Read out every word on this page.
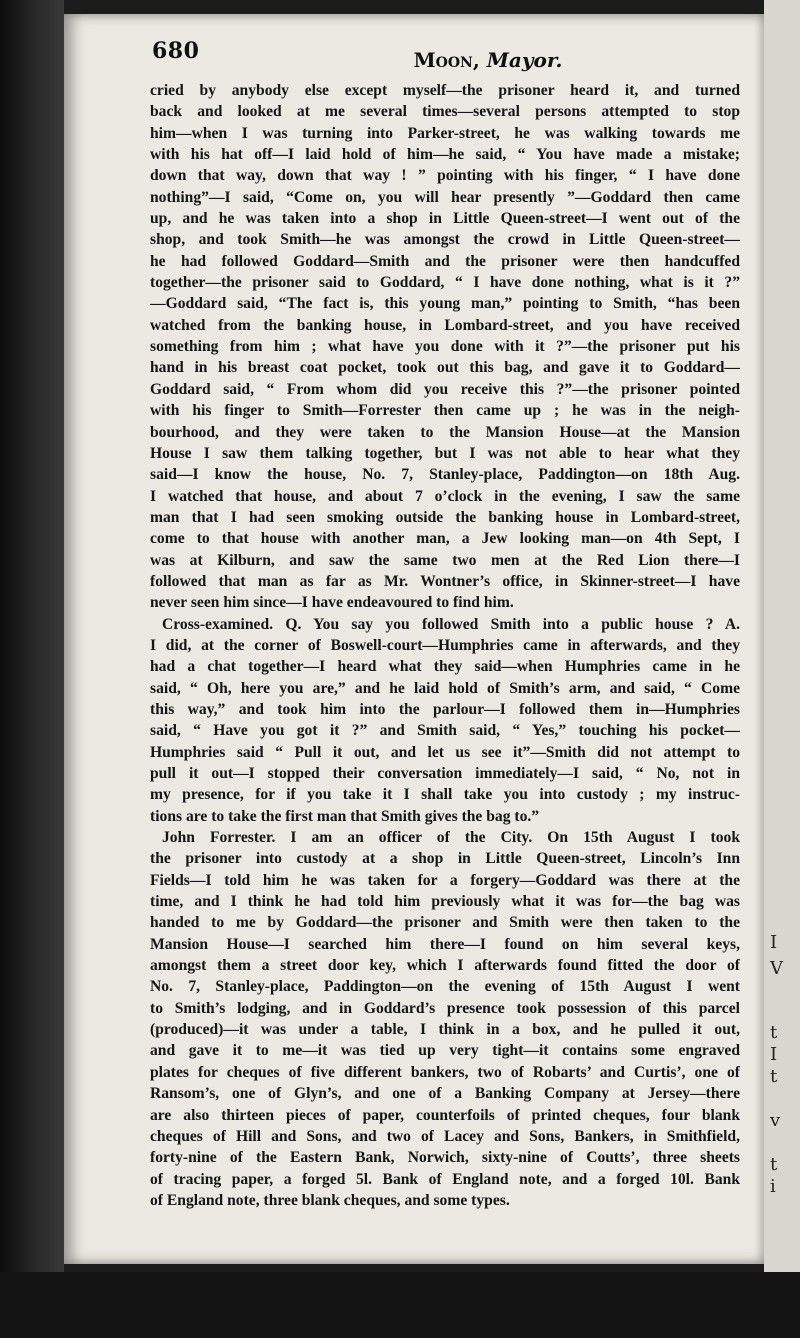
I
V
t
I
t
v
t
i
680	Moon, Mayor.
cried by anybody else except myself—the prisoner heard it, and turned
back and looked at me several times—several persons attempted to stop
him—when I was turning into Parker-street, he was walking towards me
with his hat off—I laid hold of him—he said, “ You have made a mistake;
down that way, down that way ! ” pointing with his finger, “ I have done
nothing”—I said, “Come on, you will hear presently ”—Goddard then came
up, and he was taken into a shop in Little Queen-street—I went out of the
shop, and took Smith—he was amongst the crowd in Little Queen-street—
he had followed Goddard—Smith and the prisoner were then handcuffed
together—the prisoner said to Goddard, “ I have done nothing, what is it ?”
—Goddard said, “The fact is, this young man,” pointing to Smith, “has been
watched from the banking house, in Lombard-street, and you have received
something from him ; what have you done with it ?”—the prisoner put his
hand in his breast coat pocket, took out this bag, and gave it to Goddard—
Goddard said, “ From whom did you receive this ?”—the prisoner pointed
with his finger to Smith—Forrester then came up ; he was in the neigh-
bourhood, and they were taken to the Mansion House—at the Mansion
House I saw them talking together, but I was not able to hear what they
said—I know the house, No. 7, Stanley-place, Paddington—on 18th Aug.
I watched that house, and about 7 o’clock in the evening, I saw the same
man that I had seen smoking outside the banking house in Lombard-street,
come to that house with another man, a Jew looking man—on 4th Sept, I
was at Kilburn, and saw the same two men at the Red Lion there—I
followed that man as far as Mr. Wontner’s office, in Skinner-street—I have
never seen him since—I have endeavoured to find him.
Cross-examined. Q. You say you followed Smith into a public house ? A.
I did, at the corner of Boswell-court—Humphries came in afterwards, and they
had a chat together—I heard what they said—when Humphries came in he
said, “ Oh, here you are,” and he laid hold of Smith’s arm, and said, “ Come
this way,” and took him into the parlour—I followed them in—Humphries
said, “ Have you got it ?” and Smith said, “ Yes,” touching his pocket—
Humphries said “ Pull it out, and let us see it”—Smith did not attempt to
pull it out—I stopped their conversation immediately—I said, “ No, not in
my presence, for if you take it I shall take you into custody ; my instruc-
tions are to take the first man that Smith gives the bag to.”
John Forrester. I am an officer of the City. On 15th August I took
the prisoner into custody at a shop in Little Queen-street, Lincoln’s Inn
Fields—I told him he was taken for a forgery—Goddard was there at the
time, and I think he had told him previously what it was for—the bag was
handed to me by Goddard—the prisoner and Smith were then taken to the
Mansion House—I searched him there—I found on him several keys,
amongst them a street door key, which I afterwards found fitted the door of
No. 7, Stanley-place, Paddington—on the evening of 15th August I went
to Smith’s lodging, and in Goddard’s presence took possession of this parcel
(produced)—it was under a table, I think in a box, and he pulled it out,
and gave it to me—it was tied up very tight—it contains some engraved
plates for cheques of five different bankers, two of Robarts’ and Curtis’, one of
Ransom’s, one of Glyn’s, and one of a Banking Company at Jersey—there
are also thirteen pieces of paper, counterfoils of printed cheques, four blank
cheques of Hill and Sons, and two of Lacey and Sons, Bankers, in Smithfield,
forty-nine of the Eastern Bank, Norwich, sixty-nine of Coutts’, three sheets
of tracing paper, a forged 5l. Bank of England note, and a forged 10l. Bank
of England note, three blank cheques, and some types.
